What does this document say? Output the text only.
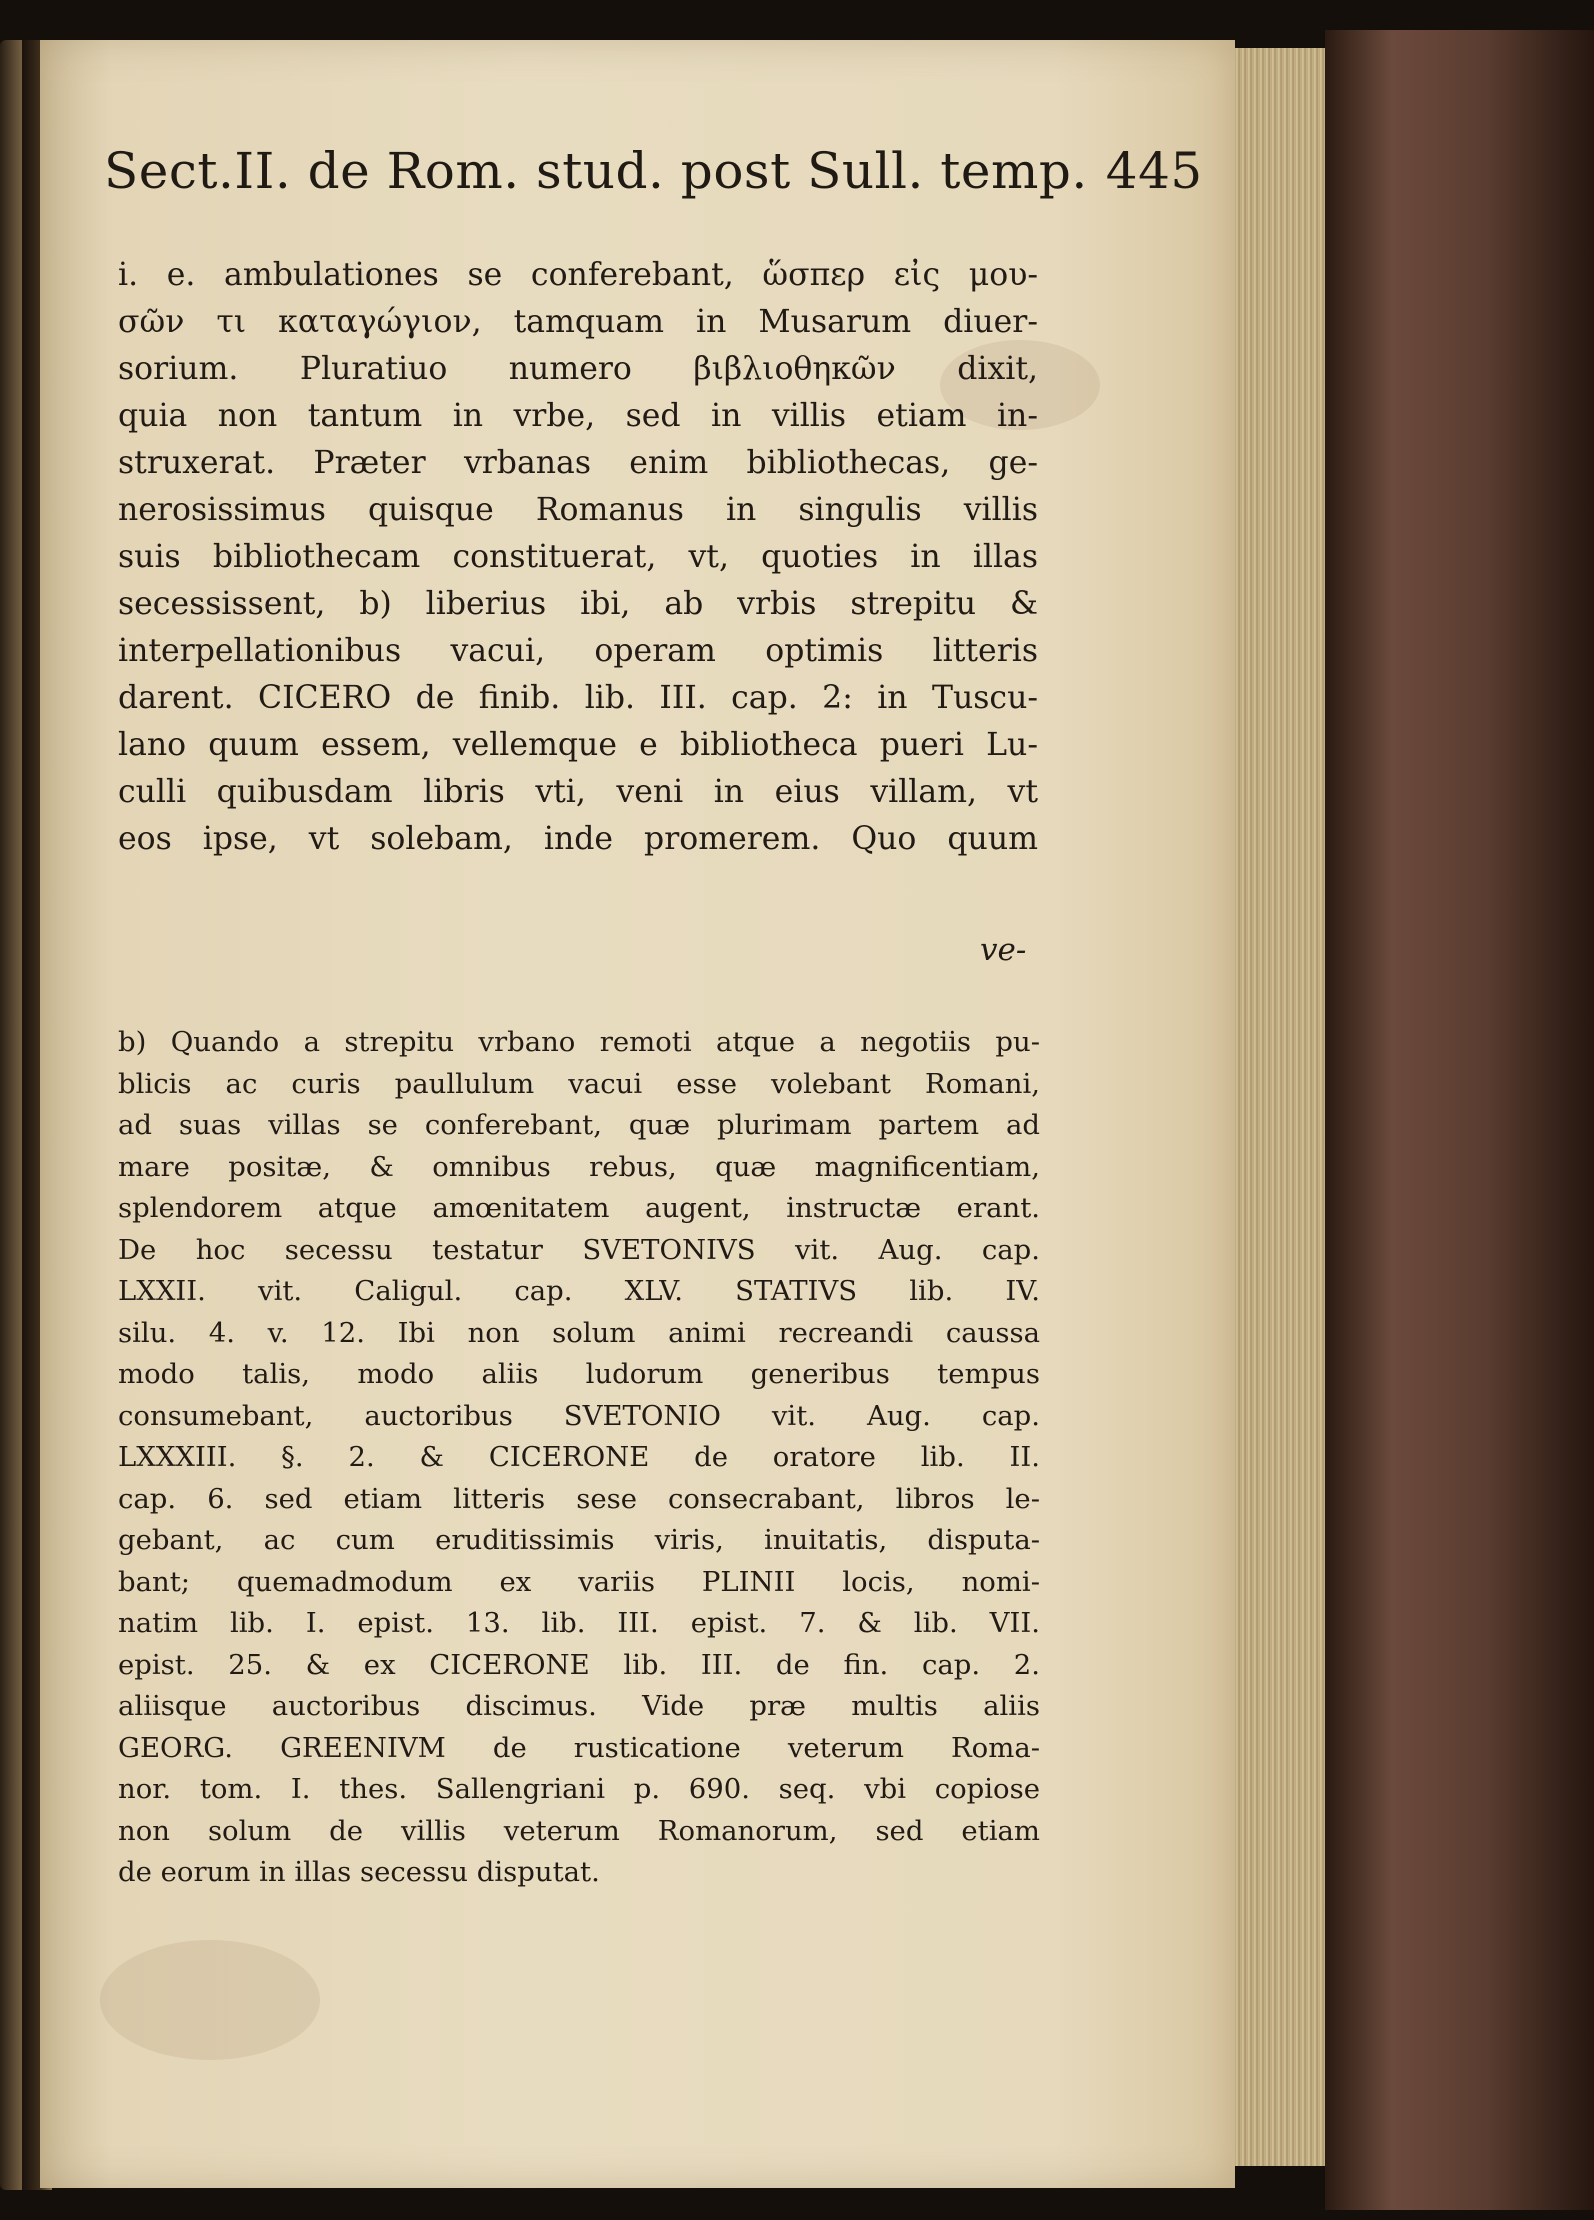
Sect.II. de Rom. stud. post Sull. temp. 445
i. e. ambulationes se conferebant, ὥσπερ εἰς μου-
σῶν τι καταγώγιον, tamquam in Musarum diuer-
sorium. Pluratiuo numero βιβλιοθηκῶν dixit,
quia non tantum in vrbe, sed in villis etiam in-
struxerat. Præter vrbanas enim bibliothecas, ge-
nerosissimus quisque Romanus in singulis villis
suis bibliothecam constituerat, vt, quoties in illas
secessissent, b) liberius ibi, ab vrbis strepitu &
interpellationibus vacui, operam optimis litteris
darent. CICERO de finib. lib. III. cap. 2: in Tuscu-
lano quum essem, vellemque e bibliotheca pueri Lu-
culli quibusdam libris vti, veni in eius villam, vt
eos ipse, vt solebam, inde promerem. Quo quum
ve-
b) Quando a strepitu vrbano remoti atque a negotiis pu-
blicis ac curis paullulum vacui esse volebant Romani,
ad suas villas se conferebant, quæ plurimam partem ad
mare positæ, & omnibus rebus, quæ magnificentiam,
splendorem atque amœnitatem augent, instructæ erant.
De hoc secessu testatur SVETONIVS vit. Aug. cap.
LXXII. vit. Caligul. cap. XLV. STATIVS lib. IV.
silu. 4. v. 12. Ibi non solum animi recreandi caussa
modo talis, modo aliis ludorum generibus tempus
consumebant, auctoribus SVETONIO vit. Aug. cap.
LXXXIII. §. 2. & CICERONE de oratore lib. II.
cap. 6. sed etiam litteris sese consecrabant, libros le-
gebant, ac cum eruditissimis viris, inuitatis, disputa-
bant; quemadmodum ex variis PLINII locis, nomi-
natim lib. I. epist. 13. lib. III. epist. 7. & lib. VII.
epist. 25. & ex CICERONE lib. III. de fin. cap. 2.
aliisque auctoribus discimus. Vide præ multis aliis
GEORG. GREENIVM de rusticatione veterum Roma-
nor. tom. I. thes. Sallengriani p. 690. seq. vbi copiose
non solum de villis veterum Romanorum, sed etiam
de eorum in illas secessu disputat.
